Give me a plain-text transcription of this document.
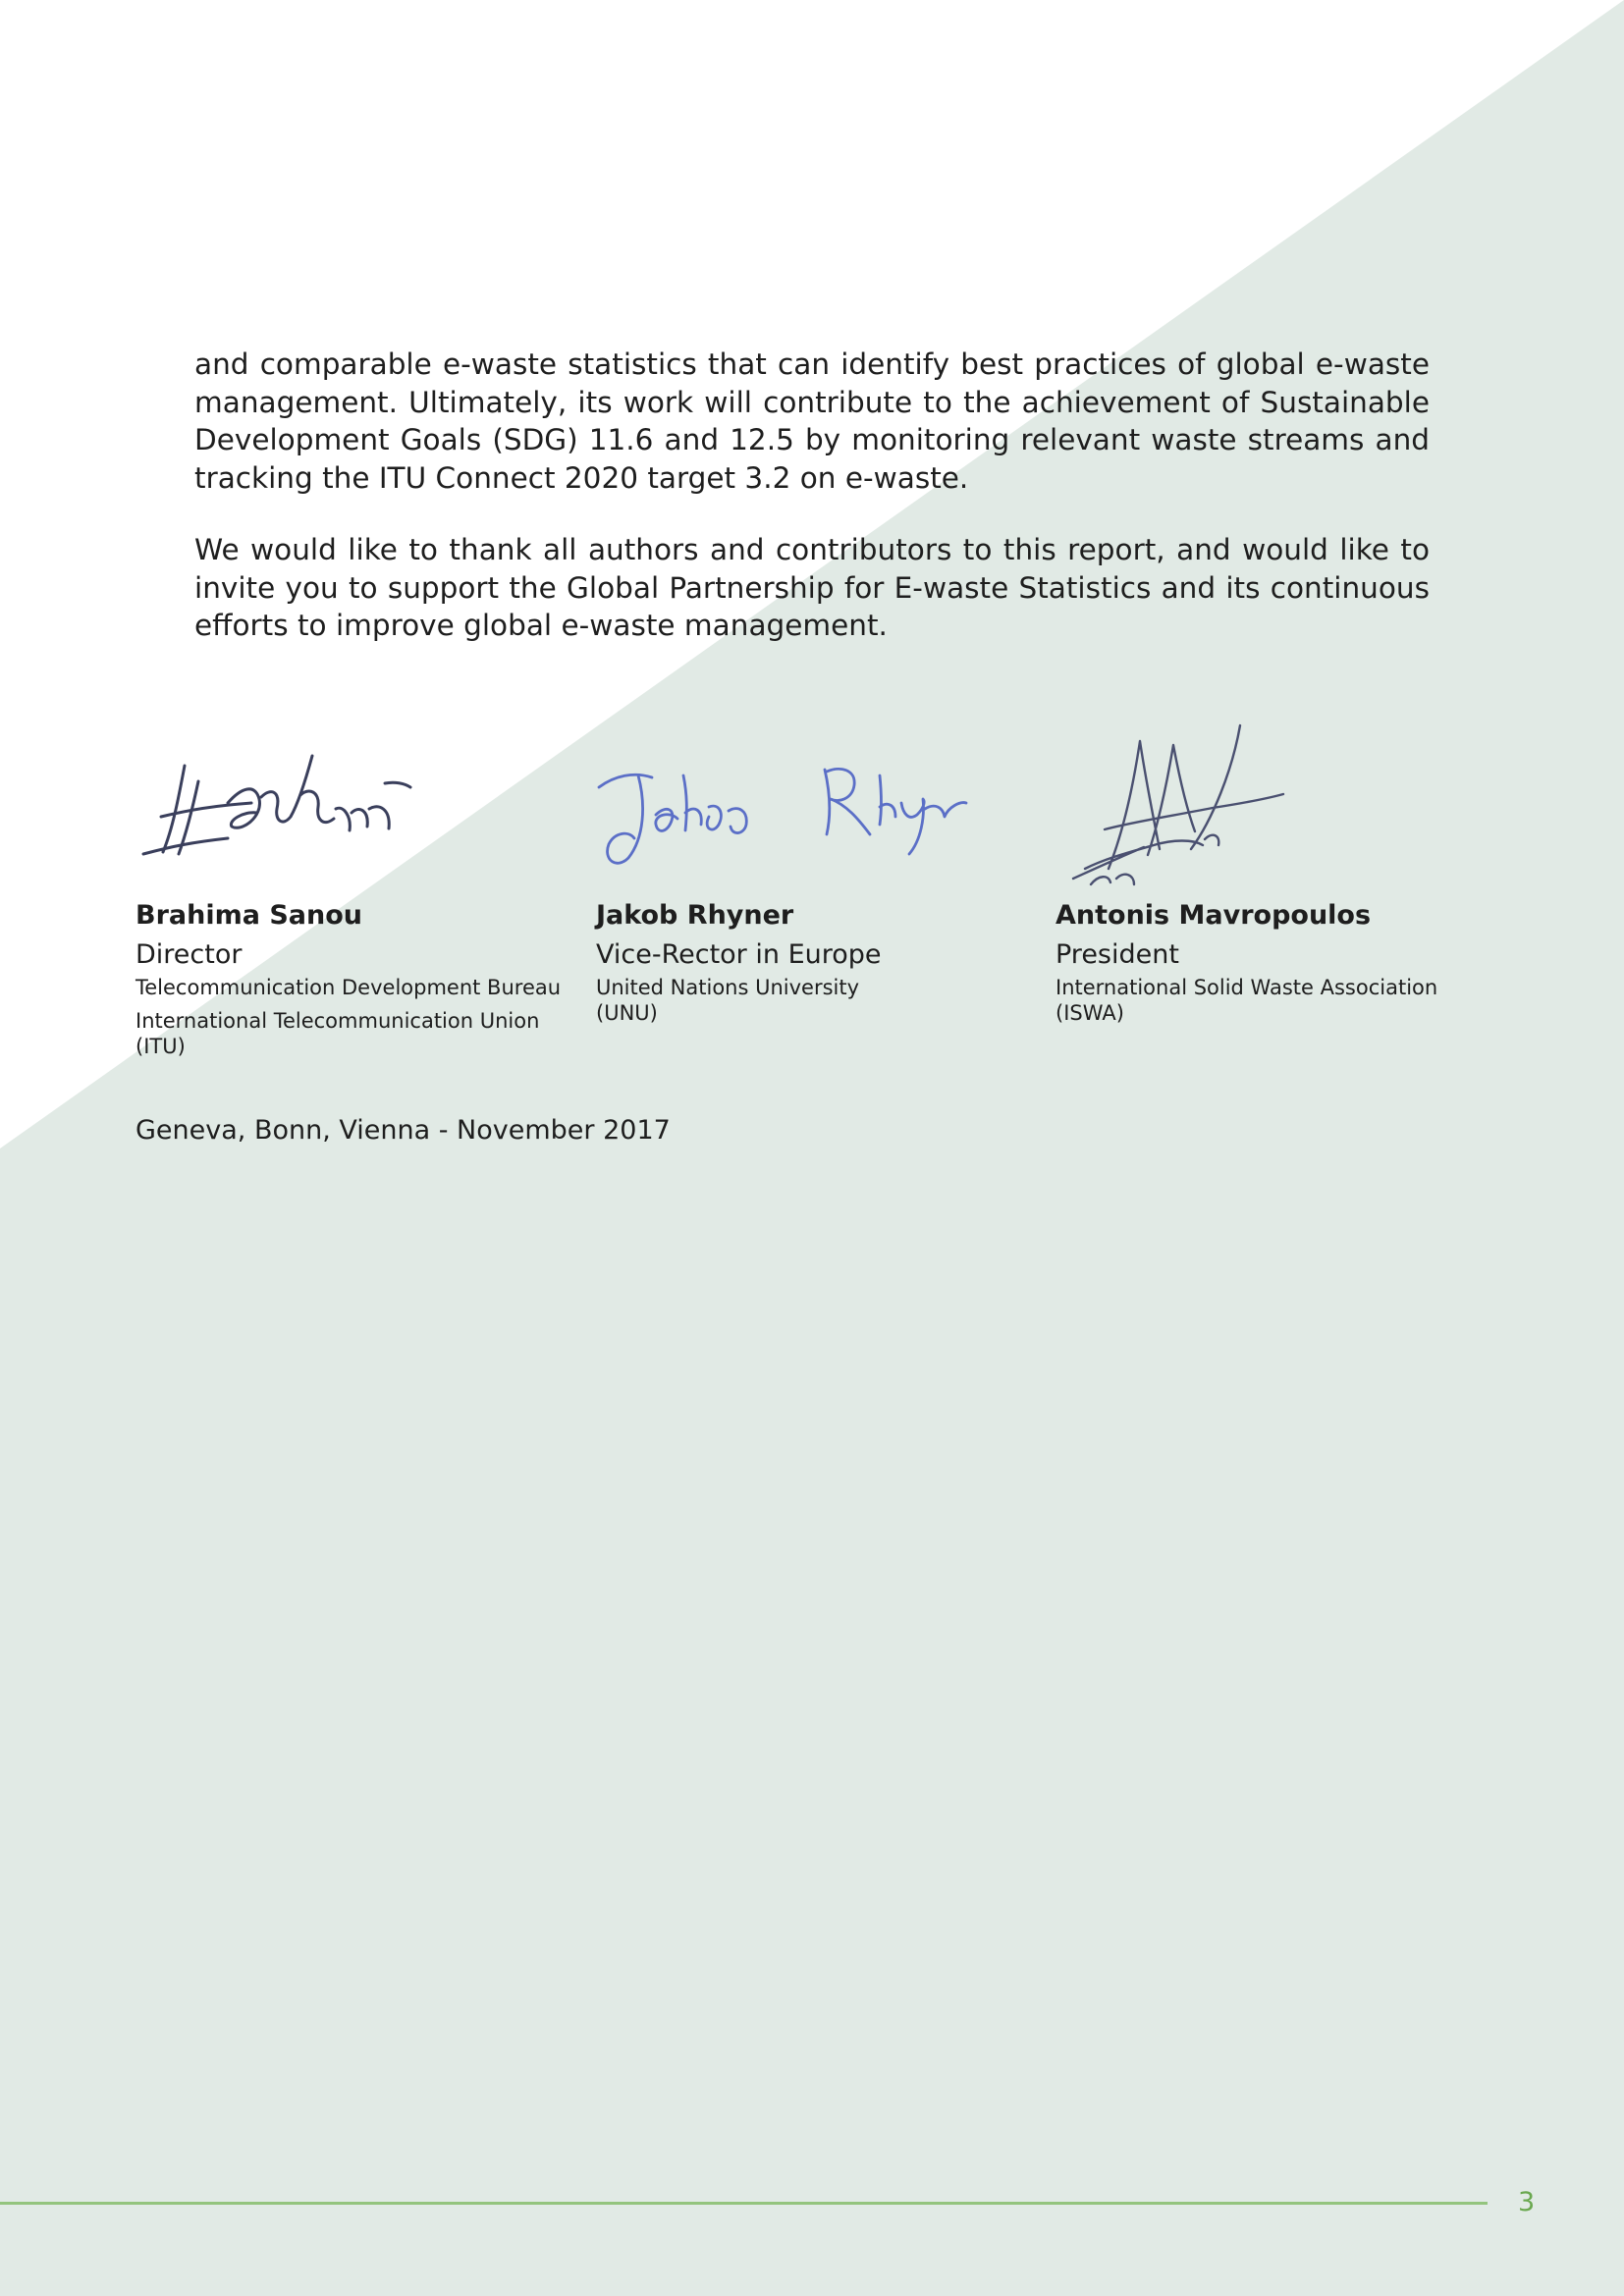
and comparable e-waste statistics that can identify best practices of global e-waste management. Ultimately, its work will contribute to the achievement of Sustainable Development Goals (SDG) 11.6 and 12.5 by monitoring relevant waste streams and tracking the ITU Connect 2020 target 3.2 on e-waste.

We would like to thank all authors and contributors to this report, and would like to invite you to support the Global Partnership for E-waste Statistics and its continuous efforts to improve global e-waste management.

Brahima Sanou

Director

Telecommunication Development Bureau

International Telecommunication Union (ITU)

Jakob Rhyner

Vice-Rector in Europe

United Nations University (UNU)

Antonis Mavropoulos

President

International Solid Waste Association (ISWA)

Geneva, Bonn, Vienna - November 2017

3
